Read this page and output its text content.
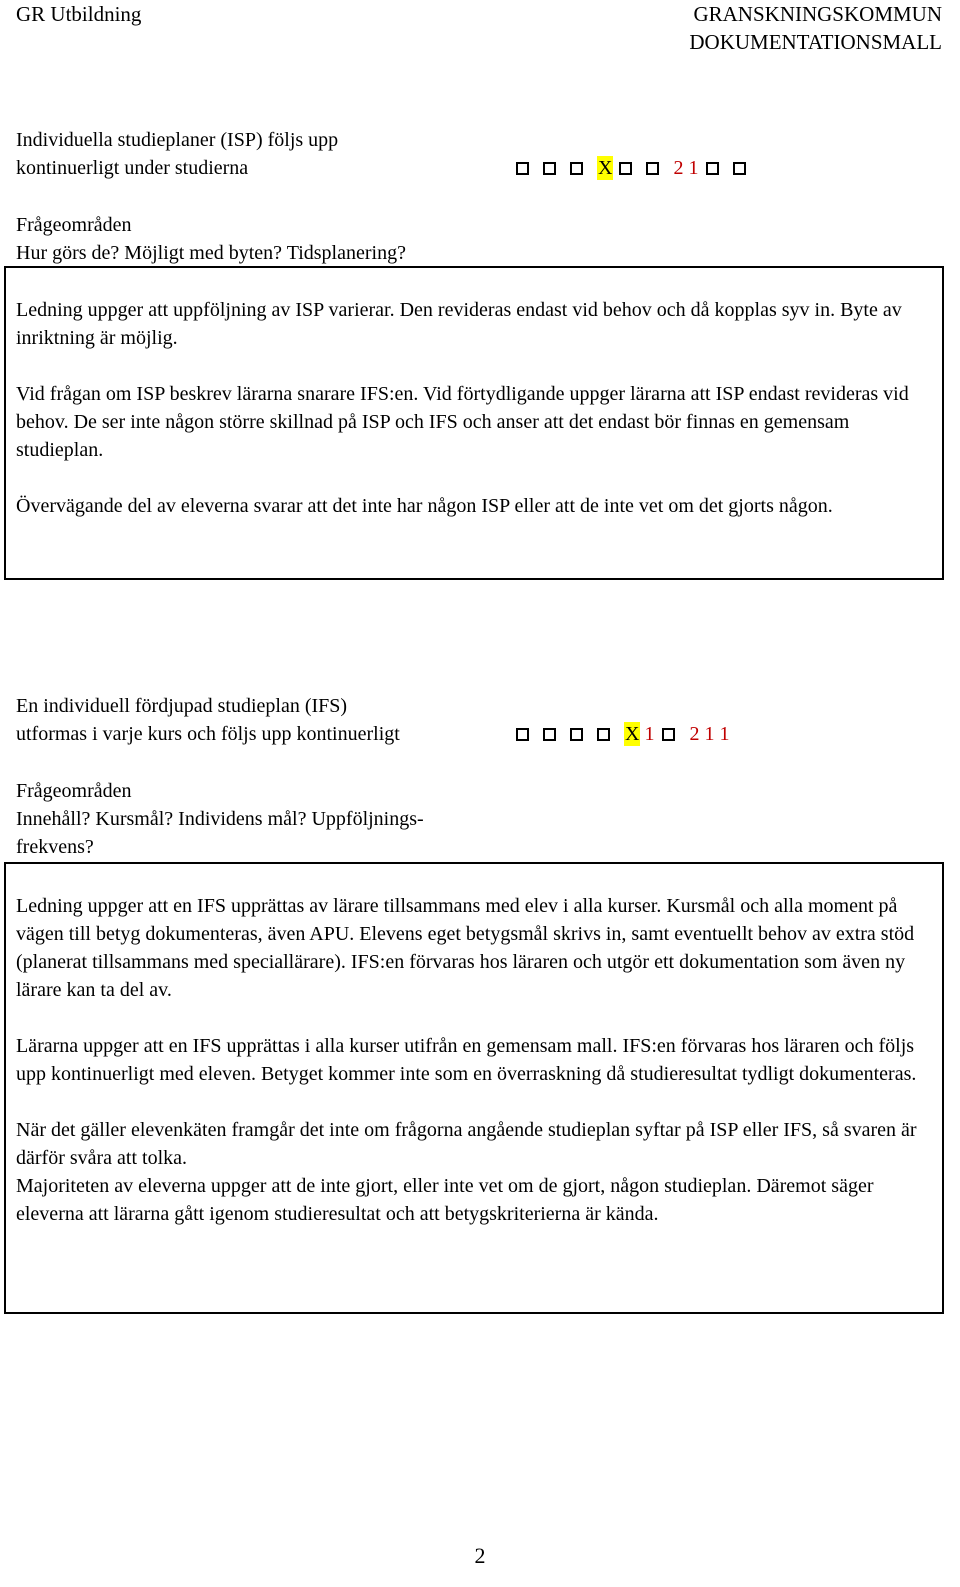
GR Utbildning	GRANSKNINGSKOMMUN
DOKUMENTATIONSMALL
Individuella studieplaner (ISP) följs upp
kontinuerligt under studierna	X	2 1
Frågeområden
Hur görs de? Möjligt med byten? Tidsplanering?

Ledning uppger att uppföljning av ISP varierar. Den revideras endast vid behov och då kopplas syv in. Byte av inriktning är möjlig.

Vid frågan om ISP beskrev lärarna snarare IFS:en. Vid förtydligande uppger lärarna att ISP endast revideras vid behov. De ser inte någon större skillnad på ISP och IFS och anser att det endast bör finnas en gemensam studieplan.

Övervägande del av eleverna svarar att det inte har någon ISP eller att de inte vet om det gjorts någon.

En individuell fördjupad studieplan (IFS)
utformas i varje kurs och följs upp kontinuerligt	X 1 2 1 1
Frågeområden
Innehåll? Kursmål? Individens mål? Uppföljnings-
frekvens?

Ledning uppger att en IFS upprättas av lärare tillsammans med elev i alla kurser. Kursmål och alla moment på vägen till betyg dokumenteras, även APU. Elevens eget betygsmål skrivs in, samt eventuellt behov av extra stöd (planerat tillsammans med speciallärare). IFS:en förvaras hos läraren och utgör ett dokumentation som även ny lärare kan ta del av.

Lärarna uppger att en IFS upprättas i alla kurser utifrån en gemensam mall. IFS:en förvaras hos läraren och följs upp kontinuerligt med eleven. Betyget kommer inte som en överraskning då studieresultat tydligt dokumenteras.

När det gäller elevenkäten framgår det inte om frågorna angående studieplan syftar på ISP eller IFS, så svaren är därför svåra att tolka.

Majoriteten av eleverna uppger att de inte gjort, eller inte vet om de gjort, någon studieplan. Däremot säger eleverna att lärarna gått igenom studieresultat och att betygskriterierna är kända.

2
